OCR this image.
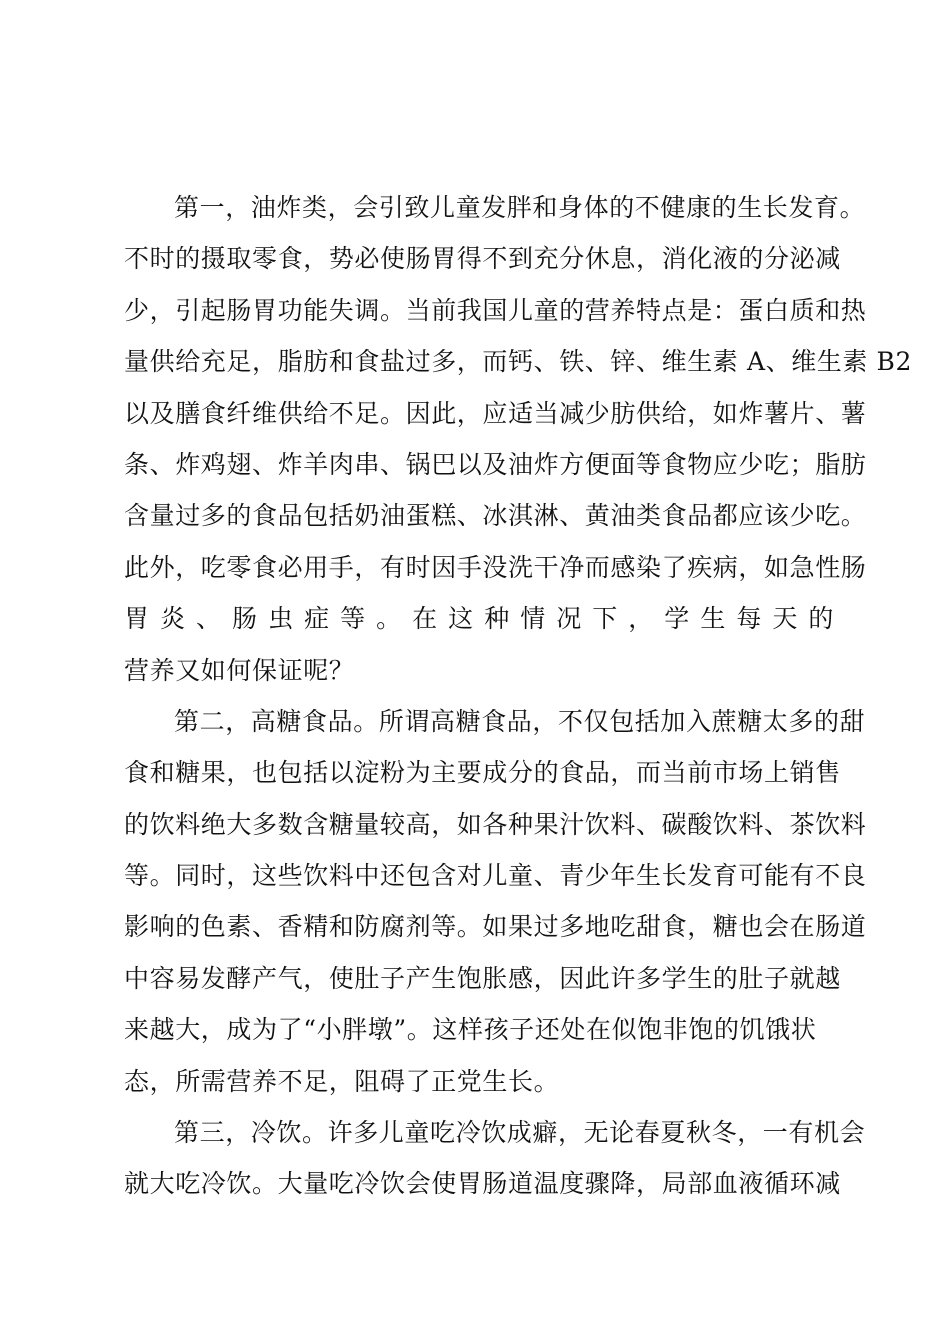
第一，油炸类，会引致儿童发胖和身体的不健康的生长发育。
不时的摄取零食，势必使肠胃得不到充分休息，消化液的分泌减
少，引起肠胃功能失调。当前我国儿童的营养特点是：蛋白质和热
量供给充足，脂肪和食盐过多，而钙、铁、锌、维生素 A、维生素 B2
以及膳食纤维供给不足。因此，应适当减少肪供给，如炸薯片、薯
条、炸鸡翅、炸羊肉串、锅巴以及油炸方便面等食物应少吃；脂肪
含量过多的食品包括奶油蛋糕、冰淇淋、黄油类食品都应该少吃。
此外，吃零食必用手，有时因手没洗干净而感染了疾病，如急性肠
胃炎、肠虫症等。在这种情况下，学生每天的
营养又如何保证呢？
第二，高糖食品。所谓高糖食品，不仅包括加入蔗糖太多的甜
食和糖果，也包括以淀粉为主要成分的食品，而当前市场上销售
的饮料绝大多数含糖量较高，如各种果汁饮料、碳酸饮料、茶饮料
等。同时，这些饮料中还包含对儿童、青少年生长发育可能有不良
影响的色素、香精和防腐剂等。如果过多地吃甜食，糖也会在肠道
中容易发酵产气，使肚子产生饱胀感，因此许多学生的肚子就越
来越大，成为了“小胖墩”。这样孩子还处在似饱非饱的饥饿状
态，所需营养不足，阻碍了正党生长。
第三，冷饮。许多儿童吃冷饮成癖，无论春夏秋冬，一有机会
就大吃冷饮。大量吃冷饮会使胃肠道温度骤降，局部血液循环减
